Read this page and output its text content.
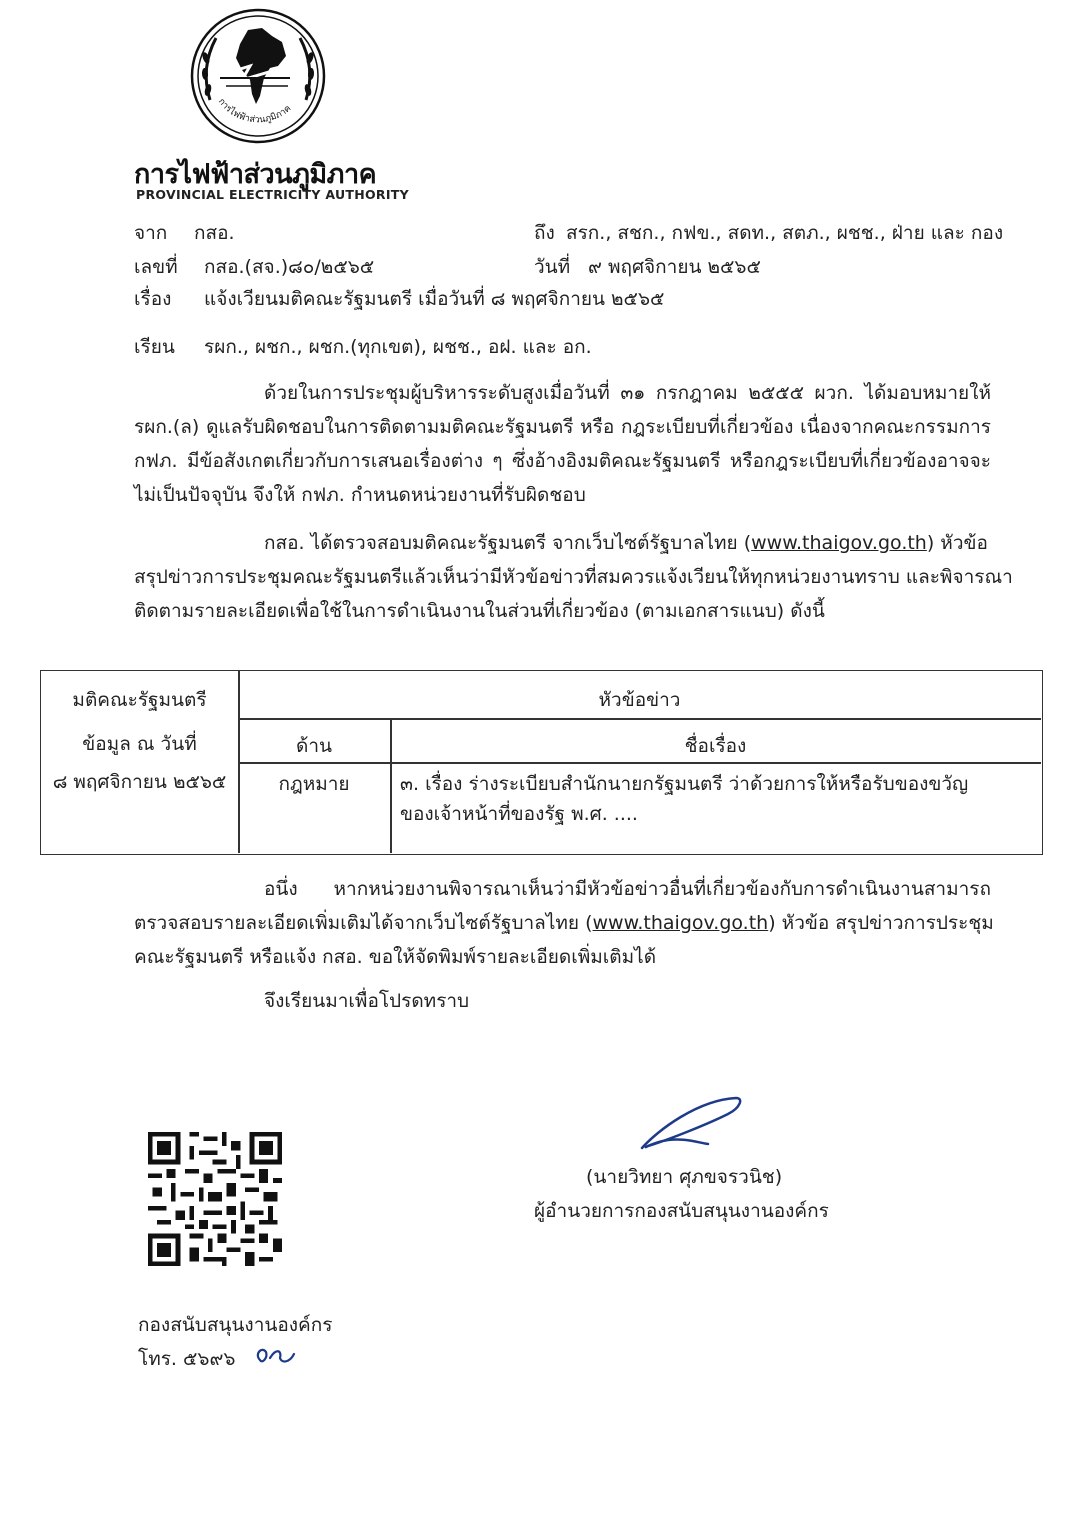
การไฟฟ้าส่วนภูมิภาค
การไฟฟ้าส่วนภูมิภาค
PROVINCIAL ELECTRICITY AUTHORITY
จาก กสอ.	ถึง สรก., สชก., กฟข., สดท., สตภ., ผชช., ฝ่าย และ กอง
เลขที่ กสอ.(สจ.)๘๐/๒๕๖๕	วันที่ ๙ พฤศจิกายน ๒๕๖๕
เรื่อง แจ้งเวียนมติคณะรัฐมนตรี เมื่อวันที่ ๘ พฤศจิกายน ๒๕๖๕
เรียน รผก., ผชก., ผชก.(ทุกเขต), ผชช., อฝ. และ อก.
ด้วยในการประชุมผู้บริหารระดับสูงเมื่อวันที่ ๓๑ กรกฎาคม ๒๕๕๕ ผวก. ได้มอบหมายให้
รผก.(ล) ดูแลรับผิดชอบในการติดตามมติคณะรัฐมนตรี หรือ กฎระเบียบที่เกี่ยวข้อง เนื่องจากคณะกรรมการ
กฟภ. มีข้อสังเกตเกี่ยวกับการเสนอเรื่องต่าง ๆ ซึ่งอ้างอิงมติคณะรัฐมนตรี หรือกฎระเบียบที่เกี่ยวข้องอาจจะ
ไม่เป็นปัจจุบัน จึงให้ กฟภ. กำหนดหน่วยงานที่รับผิดชอบ
กสอ. ได้ตรวจสอบมติคณะรัฐมนตรี จากเว็บไซต์รัฐบาลไทย (www.thaigov.go.th) หัวข้อ
สรุปข่าวการประชุมคณะรัฐมนตรีแล้วเห็นว่ามีหัวข้อข่าวที่สมควรแจ้งเวียนให้ทุกหน่วยงานทราบ และพิจารณา
ติดตามรายละเอียดเพื่อใช้ในการดำเนินงานในส่วนที่เกี่ยวข้อง (ตามเอกสารแนบ) ดังนี้
มติคณะรัฐมนตรี
ข้อมูล ณ วันที่
๘ พฤศจิกายน ๒๕๖๕
หัวข้อข่าว
ด้าน	ชื่อเรื่อง
กฎหมาย	๓. เรื่อง ร่างระเบียบสำนักนายกรัฐมนตรี ว่าด้วยการให้หรือรับของขวัญ
ของเจ้าหน้าที่ของรัฐ พ.ศ. ....
อนึ่ง หากหน่วยงานพิจารณาเห็นว่ามีหัวข้อข่าวอื่นที่เกี่ยวข้องกับการดำเนินงานสามารถ
ตรวจสอบรายละเอียดเพิ่มเติมได้จากเว็บไซต์รัฐบาลไทย (www.thaigov.go.th) หัวข้อ สรุปข่าวการประชุม
คณะรัฐมนตรี หรือแจ้ง กสอ. ขอให้จัดพิมพ์รายละเอียดเพิ่มเติมได้
จึงเรียนมาเพื่อโปรดทราบ
(นายวิทยา ศุภขจรวนิช)
ผู้อำนวยการกองสนับสนุนงานองค์กร
กองสนับสนุนงานองค์กร
โทร. ๕๖๙๖
